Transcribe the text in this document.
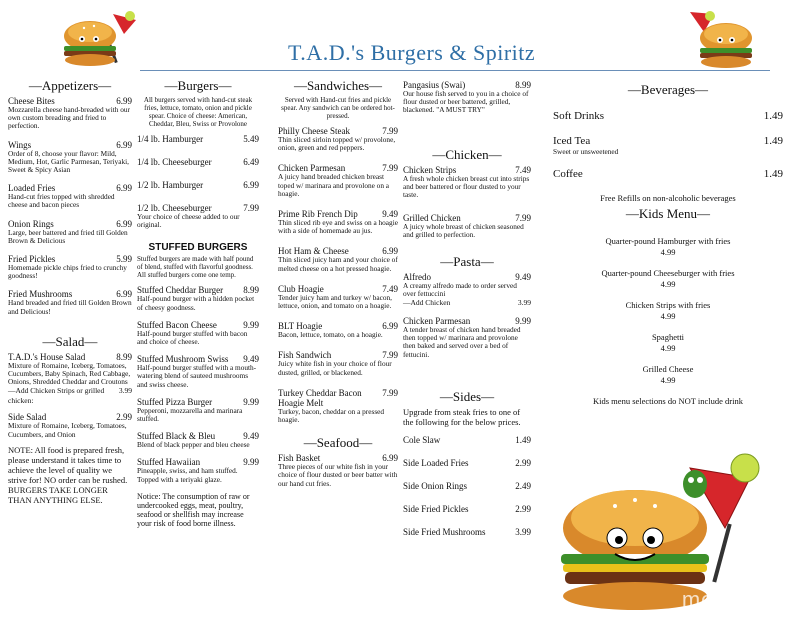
T.A.D.'s Burgers & Spiritz
—Appetizers—
Cheese Bites	6.99
Mozzarella cheese hand-breaded with our own custom breading and fried to perfection.
Wings	6.99
Order of 8, choose your flavor: Mild, Medium, Hot, Garlic Parmesan, Teriyaki, Sweet & Spicy Asian
Loaded Fries	6.99
Hand-cut fries topped with shredded cheese and bacon pieces
Onion Rings	6.99
Large, beer battered and fried till Golden Brown & Delicious
Fried Pickles	5.99
Homemade pickle chips fried to crunchy goodness!
Fried Mushrooms	6.99
Hand breaded and fried till Golden Brown and Delicious!
—Salad—
T.A.D.'s House Salad	8.99
Mixture of Romaine, Iceberg, Tomatoes, Cucumbers, Baby Spinach, Red Cabbage, Onions, Shredded Cheddar and Croutons
—Add Chicken Strips or grilled chicken:
3.99
Side Salad	2.99
Mixture of Romaine, Iceberg, Tomatoes, Cucumbers, and Onion
NOTE: All food is prepared fresh, please understand it takes time to achieve the level of quality we strive for! NO order can be rushed. BURGERS TAKE LONGER THAN ANYTHING ELSE.
—Burgers—
All burgers served with hand-cut steak fries, lettuce, tomato, onion and pickle spear. Choice of cheese: American, Cheddar, Bleu, Swiss or Provolone
1/4 lb. Hamburger	5.49
1/4 lb. Cheeseburger	6.49
1/2 lb. Hamburger	6.99
1/2 lb. Cheeseburger	7.99
Your choice of cheese added to our original.
STUFFED BURGERS
Stuffed burgers are made with half pound of blend, stuffed with flavorful goodness. All stuffed burgers come one temp.
Stuffed Cheddar Burger 8.99
Half-pound burger with a hidden pocket of cheesy goodness.
Stuffed Bacon Cheese	9.99
Half-pound burger stuffed with bacon and choice of cheese.
Stuffed Mushroom Swiss 9.49
Half-pound burger stuffed with a mouth-watering blend of sauteed mushrooms and swiss cheese.
Stuffed Pizza Burger	9.99
Pepperoni, mozzarella and marinara stuffed.
Stuffed Black & Bleu	9.49
Blend of black pepper and bleu cheese
Stuffed Hawaiian	9.99
Pineapple, swiss, and ham stuffed. Topped with a teriyaki glaze.
Notice: The consumption of raw or undercooked eggs, meat, poultry, seafood or shellfish may increase your risk of food borne illness.
—Sandwiches—
Served with Hand-cut fries and pickle spear. Any sandwich can be ordered hot-pressed.
Philly Cheese Steak	7.99
Thin sliced sirloin topped w/ provolone, onion, green and red peppers.
Chicken Parmesan	7.99
A juicy hand breaded chicken breast toped w/ marinara and provolone on a hoagie.
Prime Rib French Dip	9.49
Thin sliced rib eye and swiss on a hoagie with a side of homemade au jus.
Hot Ham & Cheese	6.99
Thin sliced juicy ham and your choice of melted cheese on a hot pressed hoagie.
Club Hoagie	7.49
Tender juicy ham and turkey w/ bacon, lettuce, onion, and tomato on a hoagie.
BLT Hoagie	6.99
Bacon, lettuce, tomato, on a hoagie.
Fish Sandwich	7.99
Juicy white fish in your choice of flour dusted, grilled, or blackened.
Turkey Cheddar Bacon Hoagie Melt
7.99
Turkey, bacon, cheddar on a pressed hoagie.
—Seafood—
Fish Basket	6.99
Three pieces of our white fish in your choice of flour dusted or beer batter with our hand cut fries.
Pangasius (Swai)	8.99
Our house fish served to you in a choice of flour dusted or beer battered, grilled, blackened. "A MUST TRY"
—Chicken—
Chicken Strips	7.49
A fresh whole chicken breast cut into strips and beer battered or flour dusted to your taste.
Grilled Chicken	7.99
A juicy whole breast of chicken seasoned and grilled to perfection.
—Pasta—
Alfredo	9.49
A creamy alfredo made to order served over fettuccini
—Add Chicken	3.99
Chicken Parmesan	9.99
A tender breast of chicken hand breaded then topped w/ marinara and provolone then baked and served over a bed of fettucini.
—Sides—
Upgrade from steak fries to one of the following for the below prices.
Cole Slaw	1.49
Side Loaded Fries	2.99
Side Onion Rings	2.49
Side Fried Pickles	2.99
Side Fried Mushrooms	3.99
—Beverages—
Soft Drinks	1.49
Iced Tea	1.49
Sweet or unsweetened
Coffee	1.49
Free Refills on non-alcoholic beverages
—Kids Menu—
Quarter-pound Hamburger with fries
4.99
Quarter-pound Cheeseburger with fries
4.99
Chicken Strips with fries
4.99
Spaghetti
4.99
Grilled Cheese
4.99
Kids menu selections do NOT include drink
menupix
